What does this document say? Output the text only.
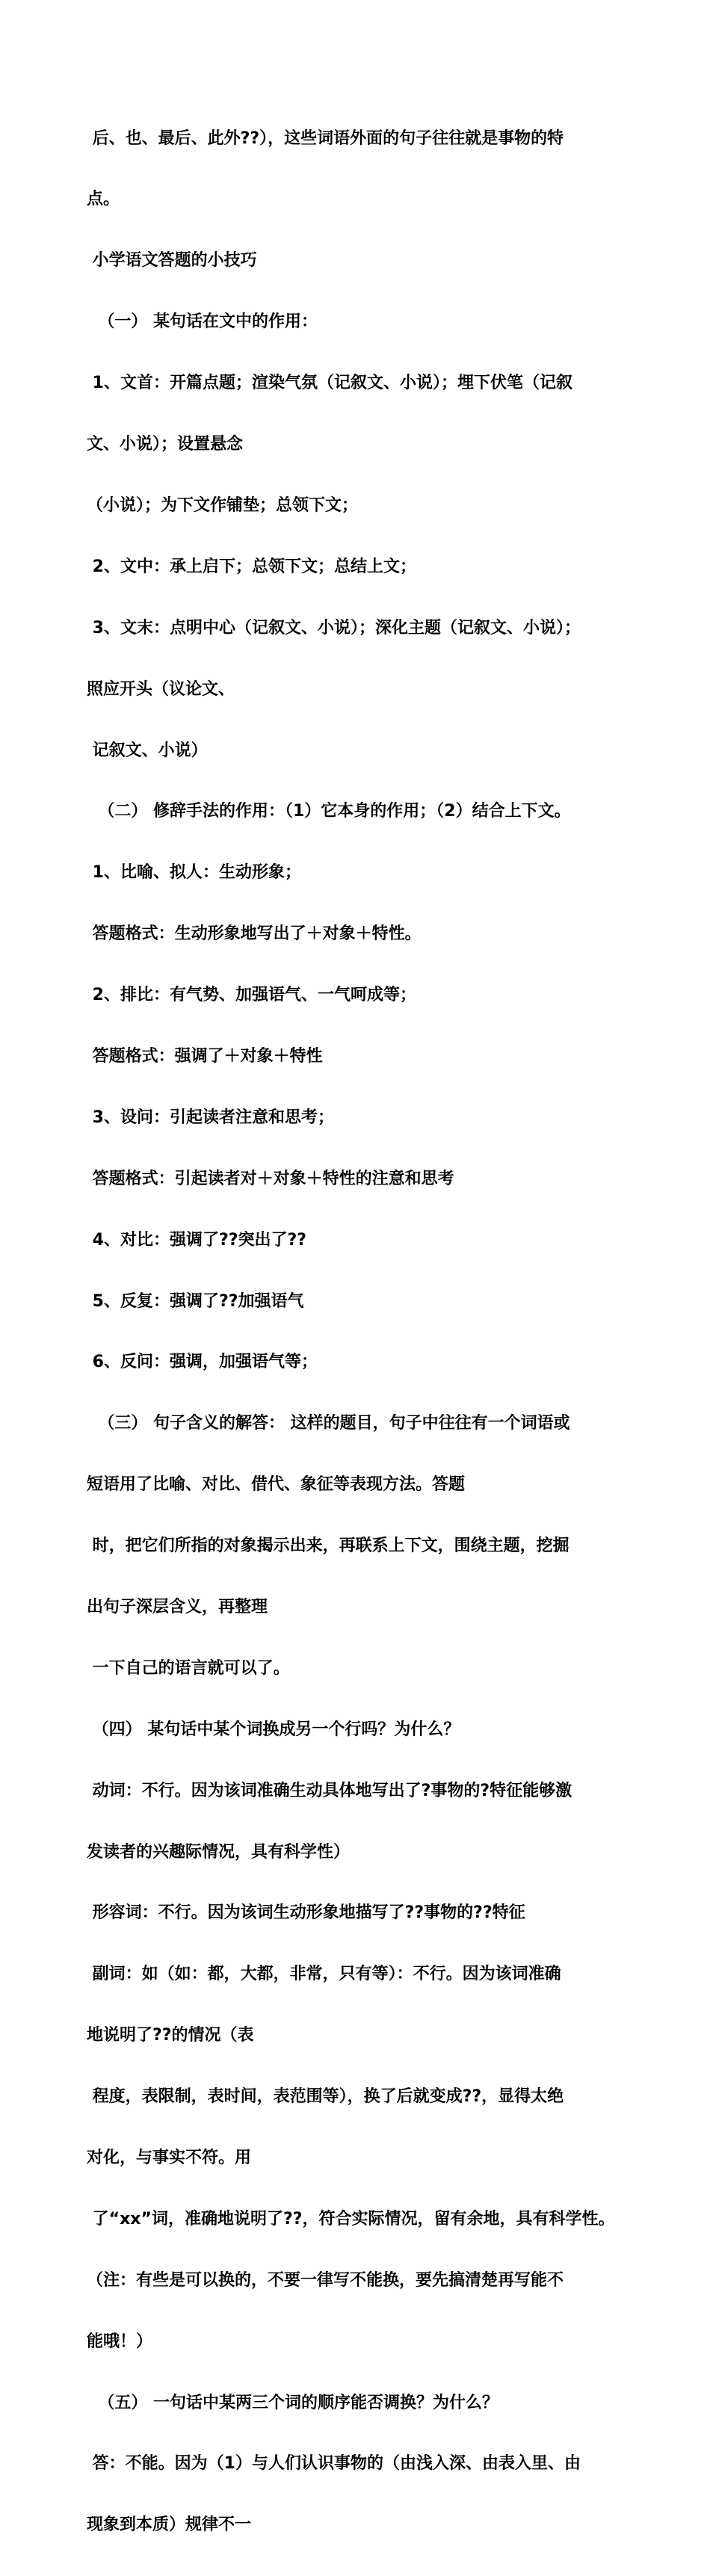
后、也、最后、此外??），这些词语外面的句子往往就是事物的特

点。

小学语文答题的小技巧

（一） 某句话在文中的作用：

1、文首：开篇点题；渲染气氛（记叙文、小说）；埋下伏笔（记叙

文、小说）；设置悬念

（小说）；为下文作铺垫；总领下文；

2、文中：承上启下；总领下文；总结上文；

3、文末：点明中心（记叙文、小说）；深化主题（记叙文、小说）；

照应开头（议论文、

记叙文、小说）

（二） 修辞手法的作用：（1）它本身的作用；（2）结合上下文。

1、比喻、拟人：生动形象；

答题格式：生动形象地写出了＋对象＋特性。

2、排比：有气势、加强语气、一气呵成等；

答题格式：强调了＋对象＋特性

3、设问：引起读者注意和思考；

答题格式：引起读者对＋对象＋特性的注意和思考

4、对比：强调了??突出了??

5、反复：强调了??加强语气

6、反问：强调，加强语气等；

（三） 句子含义的解答： 这样的题目，句子中往往有一个词语或

短语用了比喻、对比、借代、象征等表现方法。答题

时，把它们所指的对象揭示出来，再联系上下文，围绕主题，挖掘

出句子深层含义，再整理

一下自己的语言就可以了。

（四） 某句话中某个词换成另一个行吗？为什么？

动词：不行。因为该词准确生动具体地写出了?事物的?特征能够激

发读者的兴趣际情况，具有科学性）

形容词：不行。因为该词生动形象地描写了??事物的??特征

副词：如（如：都，大都，非常，只有等）：不行。因为该词准确

地说明了??的情况（表

程度，表限制，表时间，表范围等），换了后就变成??，显得太绝

对化，与事实不符。用

了“xx”词，准确地说明了??，符合实际情况，留有余地，具有科学性。

（注：有些是可以换的，不要一律写不能换，要先搞清楚再写能不

能哦！）

（五） 一句话中某两三个词的顺序能否调换？为什么？

答：不能。因为（1）与人们认识事物的（由浅入深、由表入里、由

现象到本质）规律不一
